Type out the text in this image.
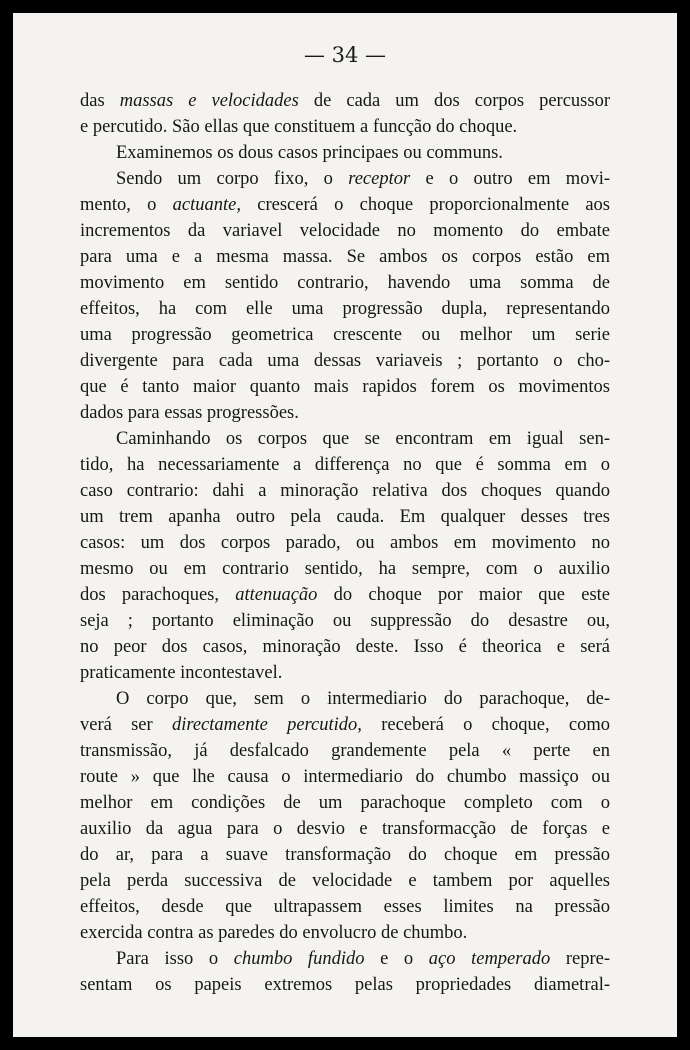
— 34 —
das massas e velocidades de cada um dos corpos percussor
e percutido. São ellas que constituem a funcção do choque.
Examinemos os dous casos principaes ou communs.
Sendo um corpo fixo, o receptor e o outro em movi-
mento, o actuante, crescerá o choque proporcionalmente aos
incrementos da variavel velocidade no momento do embate
para uma e a mesma massa. Se ambos os corpos estão em
movimento em sentido contrario, havendo uma somma de
effeitos, ha com elle uma progressão dupla, representando
uma progressão geometrica crescente ou melhor um serie
divergente para cada uma dessas variaveis ; portanto o cho-
que é tanto maior quanto mais rapidos forem os movimentos
dados para essas progressões.
Caminhando os corpos que se encontram em igual sen-
tido, ha necessariamente a differença no que é somma em o
caso contrario: dahi a minoração relativa dos choques quando
um trem apanha outro pela cauda. Em qualquer desses tres
casos: um dos corpos parado, ou ambos em movimento no
mesmo ou em contrario sentido, ha sempre, com o auxilio
dos parachoques, attenuação do choque por maior que este
seja ; portanto eliminação ou suppressão do desastre ou,
no peor dos casos, minoração deste. Isso é theorica e será
praticamente incontestavel.
O corpo que, sem o intermediario do parachoque, de-
verá ser directamente percutido, receberá o choque, como
transmissão, já desfalcado grandemente pela « perte en
route » que lhe causa o intermediario do chumbo massiço ou
melhor em condições de um parachoque completo com o
auxilio da agua para o desvio e transformacção de forças e
do ar, para a suave transformação do choque em pressão
pela perda successiva de velocidade e tambem por aquelles
effeitos, desde que ultrapassem esses limites na pressão
exercida contra as paredes do envolucro de chumbo.
Para isso o chumbo fundido e o aço temperado repre-
sentam os papeis extremos pelas propriedades diametral-
